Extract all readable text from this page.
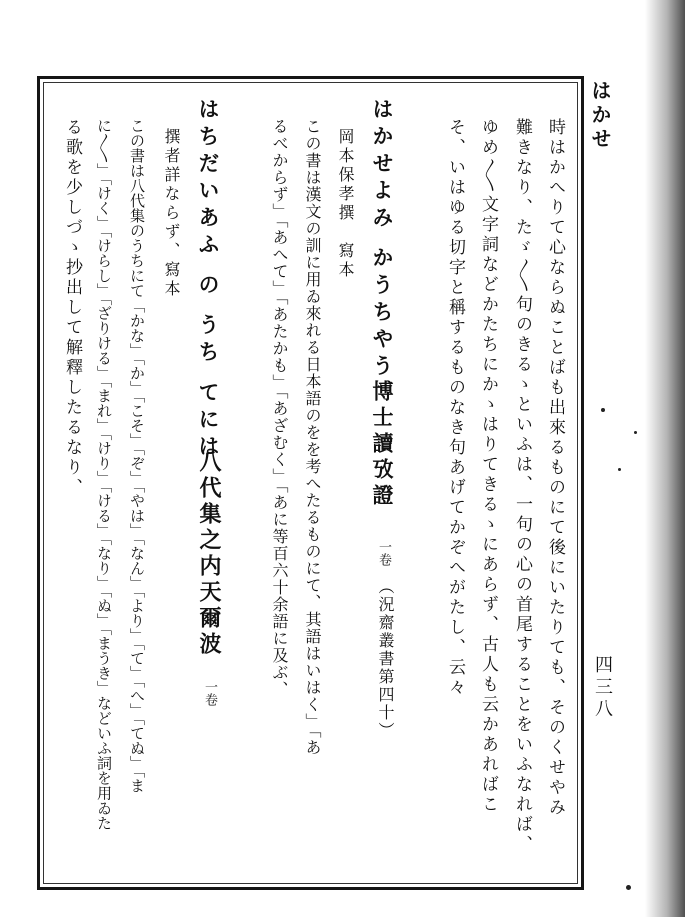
はかせ
四三八
時はかへりて心ならぬことばも出來るものにて後にいたりても、そのくせやみ
難きなり、たゞ〳〵句のきるゝといふは、一句の心の首尾することをいふなれば、
ゆめ〳〵文字詞などかたちにかゝはりてきるゝにあらず、古人も云かあればこ
そ、いはゆる切字と稱するものなき句あげてかぞへがたし、云々
はかせよみ かうちやう
博士讀攷證
一卷
（況齋叢書第四十）
岡本保孝撰　寫本
この書は漢文の訓に用ゐ來れる日本語のをを考へたるものにて、其語はいはく」「あ
るべからず」「あへて」「あたかも」「あざむく」「あに等百六十余語に及ぶ、
はちだいあふ の うち てには
八代集之内天爾波
一卷
撰者詳ならず、寫本
この書は八代集のうちにて「かな」「か」「こそ」「ぞ」「やは」「なん」「より」「て」「へ」「てぬ」「ま
に〳〵」「けく」「けらし」「ざりける」「まれ」「けり」「ける」「なり」「ぬ」「まうき」などいふ詞を用ゐた
る歌を少しづゝ抄出して解釋したるなり、
